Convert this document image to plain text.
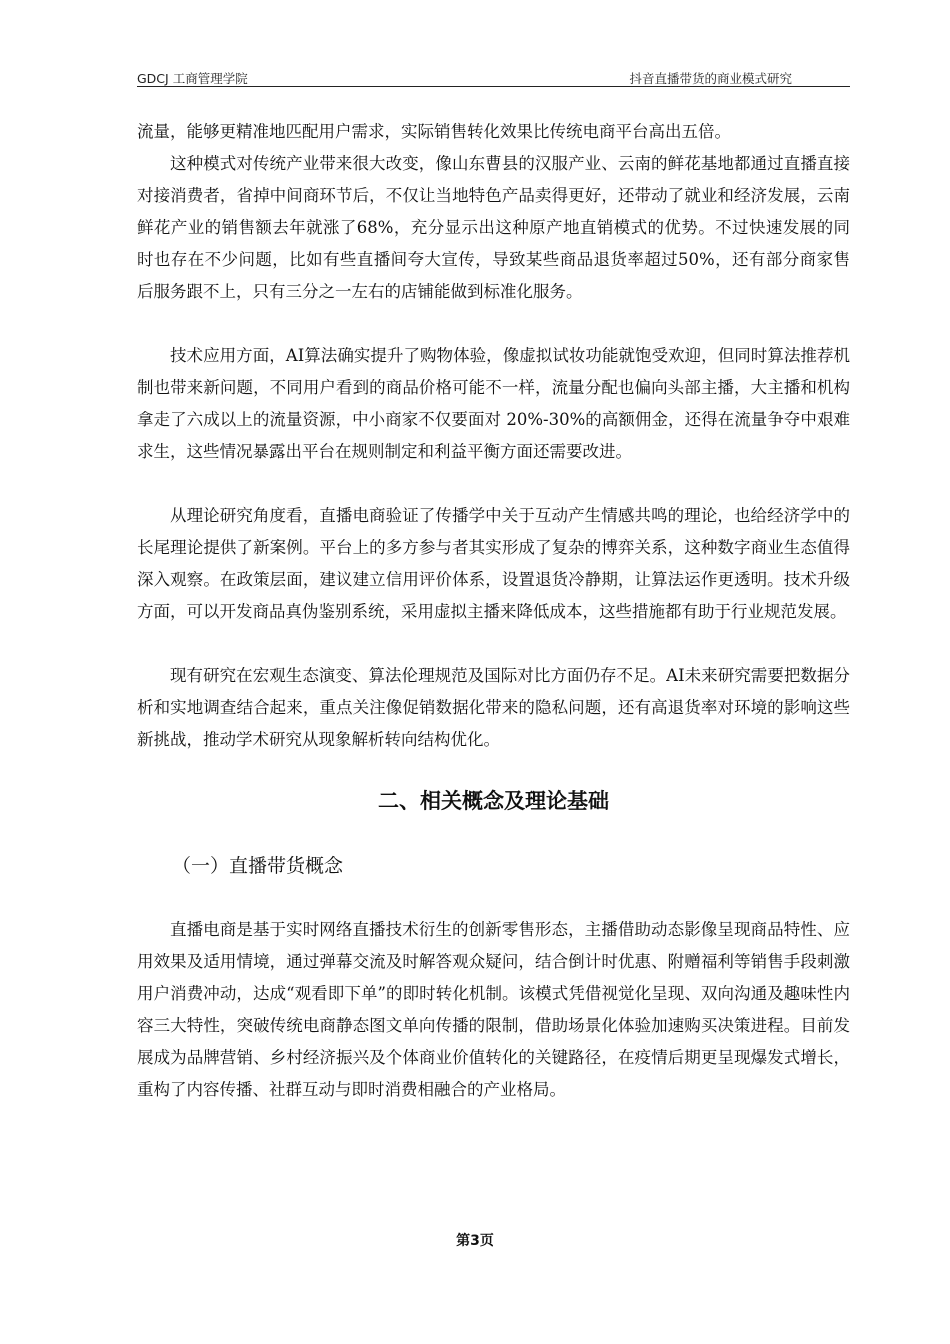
GDCJ 工商管理学院	抖音直播带货的商业模式研究

流量，能够更精准地匹配用户需求，实际销售转化效果比传统电商平台高出五倍。

这种模式对传统产业带来很大改变，像山东曹县的汉服产业、云南的鲜花基地都通过直播直接对接消费者，省掉中间商环节后，不仅让当地特色产品卖得更好，还带动了就业和经济发展，云南鲜花产业的销售额去年就涨了68%，充分显示出这种原产地直销模式的优势。不过快速发展的同时也存在不少问题，比如有些直播间夸大宣传，导致某些商品退货率超过50%，还有部分商家售后服务跟不上，只有三分之一左右的店铺能做到标准化服务。

技术应用方面，AI算法确实提升了购物体验，像虚拟试妆功能就饱受欢迎，但同时算法推荐机制也带来新问题，不同用户看到的商品价格可能不一样，流量分配也偏向头部主播，大主播和机构拿走了六成以上的流量资源，中小商家不仅要面对 20%-30%的高额佣金，还得在流量争夺中艰难求生，这些情况暴露出平台在规则制定和利益平衡方面还需要改进。

从理论研究角度看，直播电商验证了传播学中关于互动产生情感共鸣的理论，也给经济学中的长尾理论提供了新案例。平台上的多方参与者其实形成了复杂的博弈关系，这种数字商业生态值得深入观察。在政策层面，建议建立信用评价体系，设置退货冷静期，让算法运作更透明。技术升级方面，可以开发商品真伪鉴别系统，采用虚拟主播来降低成本，这些措施都有助于行业规范发展。

现有研究在宏观生态演变、算法伦理规范及国际对比方面仍存不足。AI未来研究需要把数据分析和实地调查结合起来，重点关注像促销数据化带来的隐私问题，还有高退货率对环境的影响这些新挑战，推动学术研究从现象解析转向结构优化。

二、相关概念及理论基础
（一）直播带货概念

直播电商是基于实时网络直播技术衍生的创新零售形态，主播借助动态影像呈现商品特性、应用效果及适用情境，通过弹幕交流及时解答观众疑问，结合倒计时优惠、附赠福利等销售手段刺激用户消费冲动，达成“观看即下单”的即时转化机制。该模式凭借视觉化呈现、双向沟通及趣味性内容三大特性，突破传统电商静态图文单向传播的限制，借助场景化体验加速购买决策进程。目前发展成为品牌营销、乡村经济振兴及个体商业价值转化的关键路径，在疫情后期更呈现爆发式增长，重构了内容传播、社群互动与即时消费相融合的产业格局。

第3页
